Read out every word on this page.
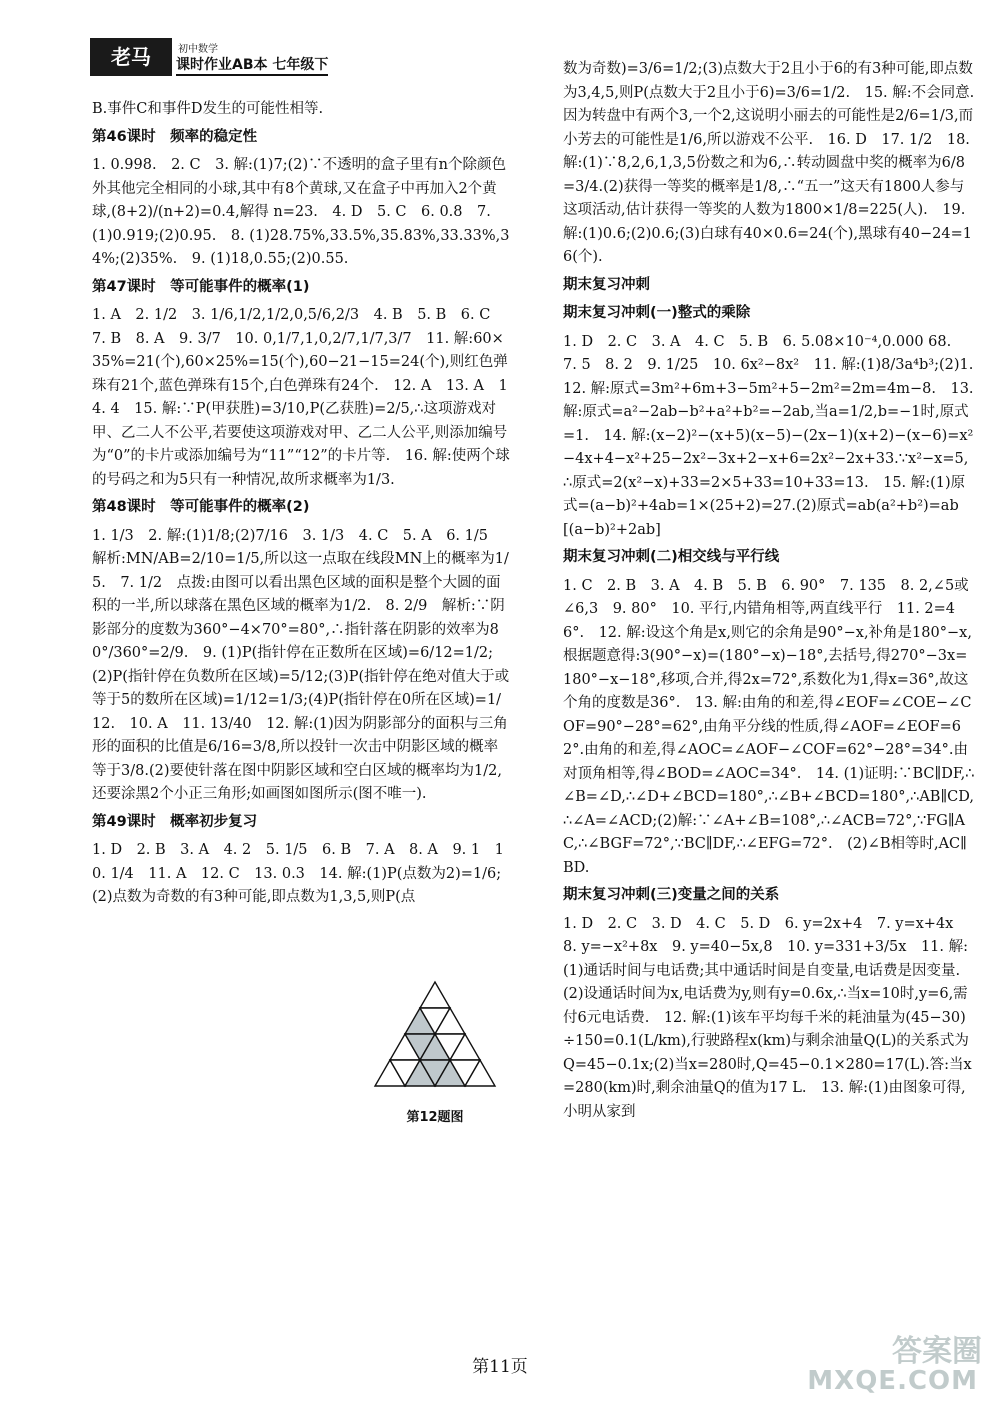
老马	初中数学
课时作业AB本 七年级下
B.事件C和事件D发生的可能性相等.
第46课时　频率的稳定性
1. 0.998.　2. C　3. 解:(1)7;(2)∵不透明的盒子里有n个除颜色外其他完全相同的小球,其中有8个黄球,又在盒子中再加入2个黄球,(8+2)/(n+2)=0.4,解得 n=23.　4. D　5. C　6. 0.8　7. (1)0.919;(2)0.95.　8. (1)28.75%,33.5%,35.83%,33.33%,34%;(2)35%.　9. (1)18,0.55;(2)0.55.
第47课时　等可能事件的概率(1)
1. A　2. 1/2　3. 1/6,1/2,1/2,0,5/6,2/3　4. B　5. B　6. C　7. B　8. A　9. 3/7　10. 0,1/7,1,0,2/7,1/7,3/7　11. 解:60×35%=21(个),60×25%=15(个),60−21−15=24(个),则红色弹珠有21个,蓝色弹珠有15个,白色弹珠有24个.　12. A　13. A　14. 4　15. 解:∵P(甲获胜)=3/10,P(乙获胜)=2/5,∴这项游戏对甲、乙二人不公平,若要使这项游戏对甲、乙二人公平,则添加编号为“0”的卡片或添加编号为“11”“12”的卡片等.　16. 解:使两个球的号码之和为5只有一种情况,故所求概率为1/3.
第48课时　等可能事件的概率(2)
1. 1/3　2. 解:(1)1/8;(2)7/16　3. 1/3　4. C　5. A　6. 1/5　解析:MN/AB=2/10=1/5,所以这一点取在线段MN上的概率为1/5.　7. 1/2　点拨:由图可以看出黑色区域的面积是整个大圆的面积的一半,所以球落在黑色区域的概率为1/2.　8. 2/9　解析:∵阴影部分的度数为360°−4×70°=80°,∴指针落在阴影的效率为80°/360°=2/9.　9. (1)P(指针停在正数所在区域)=6/12=1/2;(2)P(指针停在负数所在区域)=5/12;(3)P(指针停在绝对值大于或等于5的数所在区域)=1/12=1/3;(4)P(指针停在0所在区域)=1/12.　10. A　11. 13/40　12. 解:(1)因为阴影部分的面积与三角形的面积的比值是6/16=3/8,所以投针一次击中阴影区域的概率等于3/8.(2)要使针落在图中阴影区域和空白区域的概率均为1/2,还要涂黑2个小正三角形;如画图如图所示(图不唯一).
第49课时　概率初步复习
1. D　2. B　3. A　4. 2　5. 1/5　6. B　7. A　8. A　9. 1　10. 1/4　11. A　12. C　13. 0.3　14. 解:(1)P(点数为2)=1/6;(2)点数为奇数的有3种可能,即点数为1,3,5,则P(点
数为奇数)=3/6=1/2;(3)点数大于2且小于6的有3种可能,即点数为3,4,5,则P(点数大于2且小于6)=3/6=1/2.　15. 解:不会同意.因为转盘中有两个3,一个2,这说明小丽去的可能性是2/6=1/3,而小芳去的可能性是1/6,所以游戏不公平.　16. D　17. 1/2　18. 解:(1)∵8,2,6,1,3,5份数之和为6,∴转动圆盘中奖的概率为6/8=3/4.(2)获得一等奖的概率是1/8,∴“五一”这天有1800人参与这项活动,估计获得一等奖的人数为1800×1/8=225(人).　19. 解:(1)0.6;(2)0.6;(3)白球有40×0.6=24(个),黑球有40−24=16(个).
期末复习冲刺
期末复习冲刺(一)整式的乘除
1. D　2. C　3. A　4. C　5. B　6. 5.08×10⁻⁴,0.000 68.　7. 5　8. 2　9. 1/25　10. 6x²−8x²　11. 解:(1)8/3a⁴b³;(2)1.　12. 解:原式=3m²+6m+3−5m²+5−2m²=2m=4m−8.　13. 解:原式=a²−2ab−b²+a²+b²=−2ab,当a=1/2,b=−1时,原式=1.　14. 解:(x−2)²−(x+5)(x−5)−(2x−1)(x+2)−(x−6)=x²−4x+4−x²+25−2x²−3x+2−x+6=2x²−2x+33.∵x²−x=5,∴原式=2(x²−x)+33=2×5+33=10+33=13.　15. 解:(1)原式=(a−b)²+4ab=1×(25+2)=27.(2)原式=ab(a²+b²)=ab[(a−b)²+2ab]
期末复习冲刺(二)相交线与平行线
1. C　2. B　3. A　4. B　5. B　6. 90°　7. 135　8. 2,∠5或∠6,3　9. 80°　10. 平行,内错角相等,两直线平行　11. 2=46°.　12. 解:设这个角是x,则它的余角是90°−x,补角是180°−x,根据题意得:3(90°−x)=(180°−x)−18°,去括号,得270°−3x=180°−x−18°,移项,合并,得2x=72°,系数化为1,得x=36°,故这个角的度数是36°.　13. 解:由角的和差,得∠EOF=∠COE−∠COF=90°−28°=62°,由角平分线的性质,得∠AOF=∠EOF=62°.由角的和差,得∠AOC=∠AOF−∠COF=62°−28°=34°.由对顶角相等,得∠BOD=∠AOC=34°.　14. (1)证明:∵BC∥DF,∴∠B=∠D,∴∠D+∠BCD=180°,∴∠B+∠BCD=180°,∴AB∥CD,∴∠A=∠ACD;(2)解:∵∠A+∠B=108°,∴∠ACB=72°,∵FG∥AC,∴∠BGF=72°,∵BC∥DF,∴∠EFG=72°.　(2)∠B相等时,AC∥BD.
期末复习冲刺(三)变量之间的关系
1. D　2. C　3. D　4. C　5. D　6. y=2x+4　7. y=x+4x　8. y=−x²+8x　9. y=40−5x,8　10. y=331+3/5x　11. 解:(1)通话时间与电话费;其中通话时间是自变量,电话费是因变量.(2)设通话时间为x,电话费为y,则有y=0.6x,∴当x=10时,y=6,需付6元电话费.　12. 解:(1)该车平均每千米的耗油量为(45−30)÷150=0.1(L/km),行驶路程x(km)与剩余油量Q(L)的关系式为Q=45−0.1x;(2)当x=280时,Q=45−0.1×280=17(L).答:当x=280(km)时,剩余油量Q的值为17 L.　13. 解:(1)由图象可得,小明从家到
第12题图
第11页	答案圈
MXQE.COM
